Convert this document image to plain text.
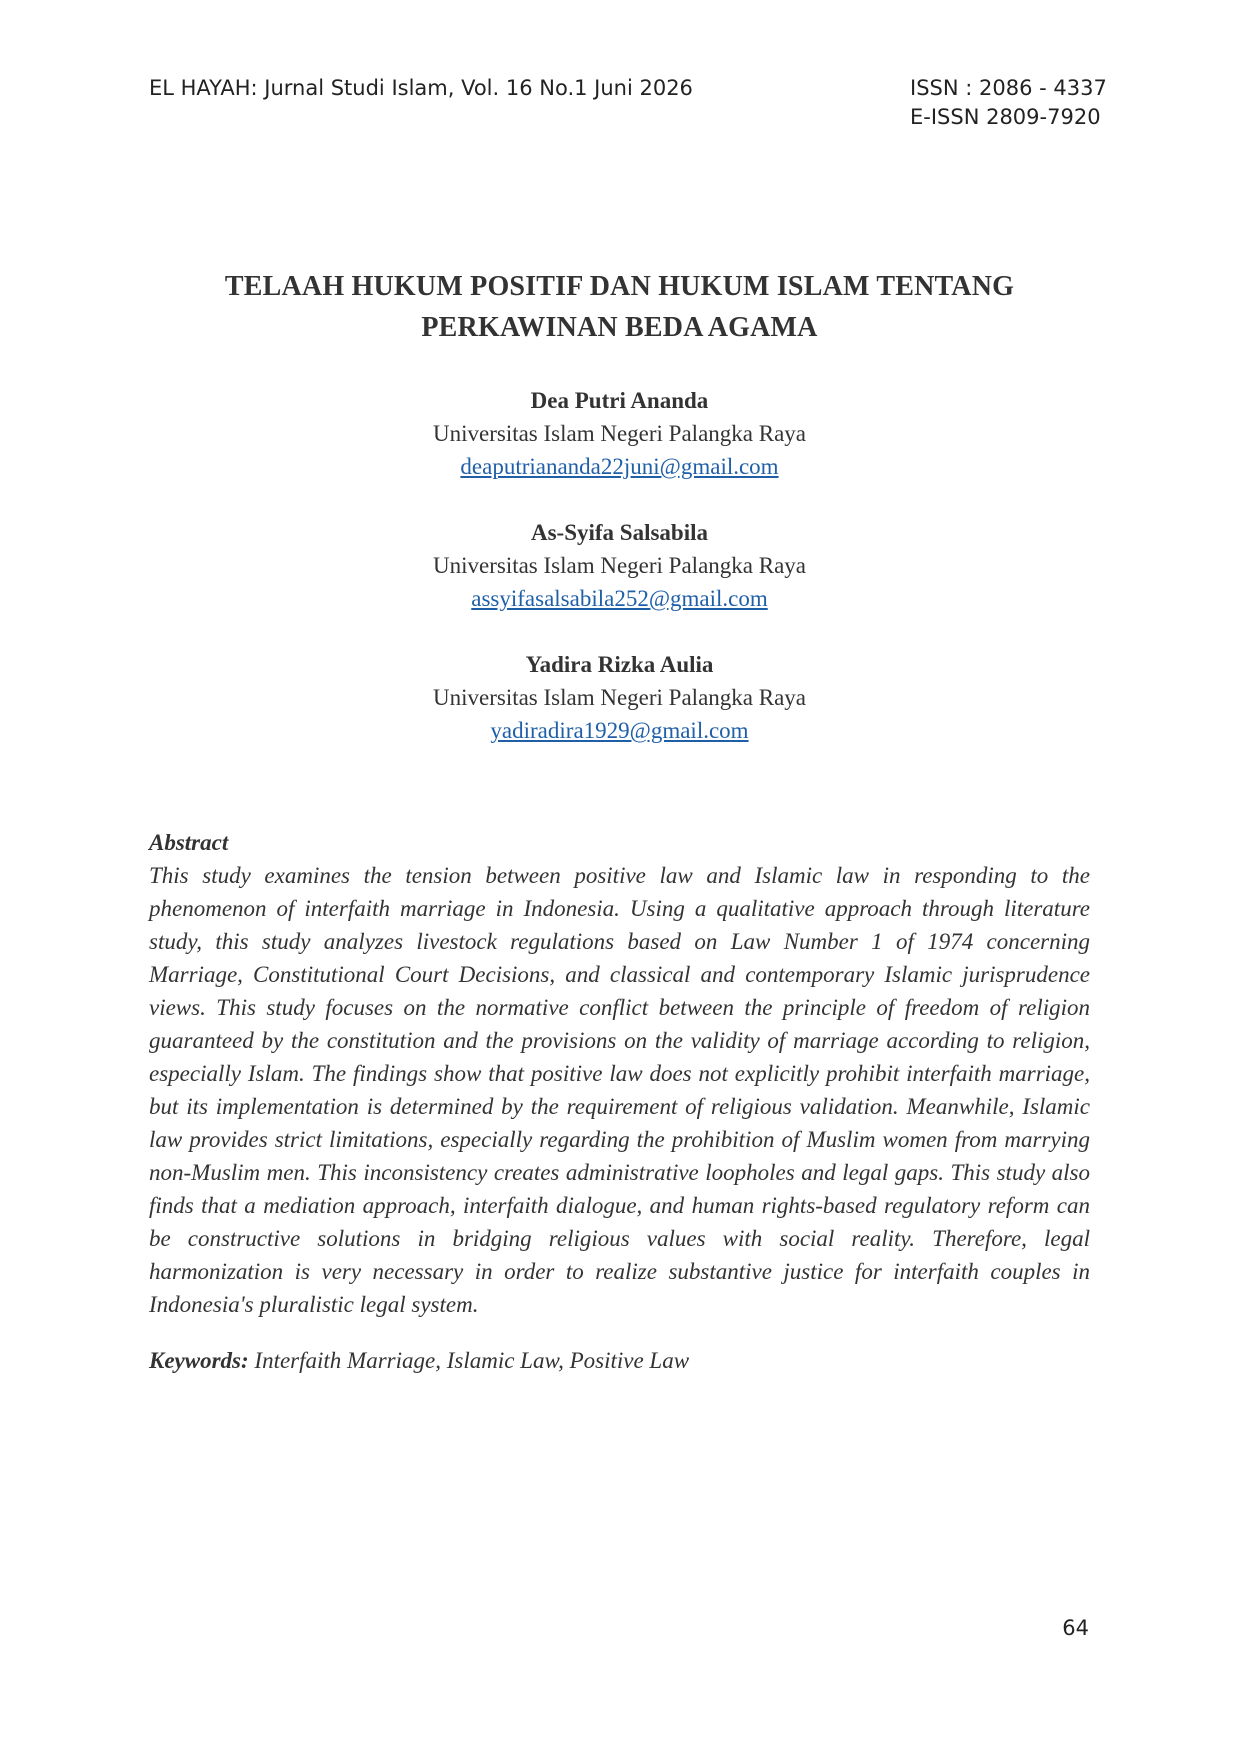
EL HAYAH: Jurnal Studi Islam, Vol. 16 No.1 Juni 2026	ISSN : 2086 - 4337
E-ISSN 2809-7920
TELAAH HUKUM POSITIF DAN HUKUM ISLAM TENTANG
PERKAWINAN BEDA AGAMA
Dea Putri Ananda
Universitas Islam Negeri Palangka Raya
deaputriananda22juni@gmail.com
As-Syifa Salsabila
Universitas Islam Negeri Palangka Raya
assyifasalsabila252@gmail.com
Yadira Rizka Aulia
Universitas Islam Negeri Palangka Raya
yadiradira1929@gmail.com
Abstract

This study examines the tension between positive law and Islamic law in responding to the phenomenon of interfaith marriage in Indonesia. Using a qualitative approach through literature study, this study analyzes livestock regulations based on Law Number 1 of 1974 concerning Marriage, Constitutional Court Decisions, and classical and contemporary Islamic jurisprudence views. This study focuses on the normative conflict between the principle of freedom of religion guaranteed by the constitution and the provisions on the validity of marriage according to religion, especially Islam. The findings show that positive law does not explicitly prohibit interfaith marriage, but its implementation is determined by the requirement of religious validation. Meanwhile, Islamic law provides strict limitations, especially regarding the prohibition of Muslim women from marrying non-Muslim men. This inconsistency creates administrative loopholes and legal gaps. This study also finds that a mediation approach, interfaith dialogue, and human rights-based regulatory reform can be constructive solutions in bridging religious values with social reality. Therefore, legal harmonization is very necessary in order to realize substantive justice for interfaith couples in Indonesia's pluralistic legal system.

Keywords: Interfaith Marriage, Islamic Law, Positive Law
64
